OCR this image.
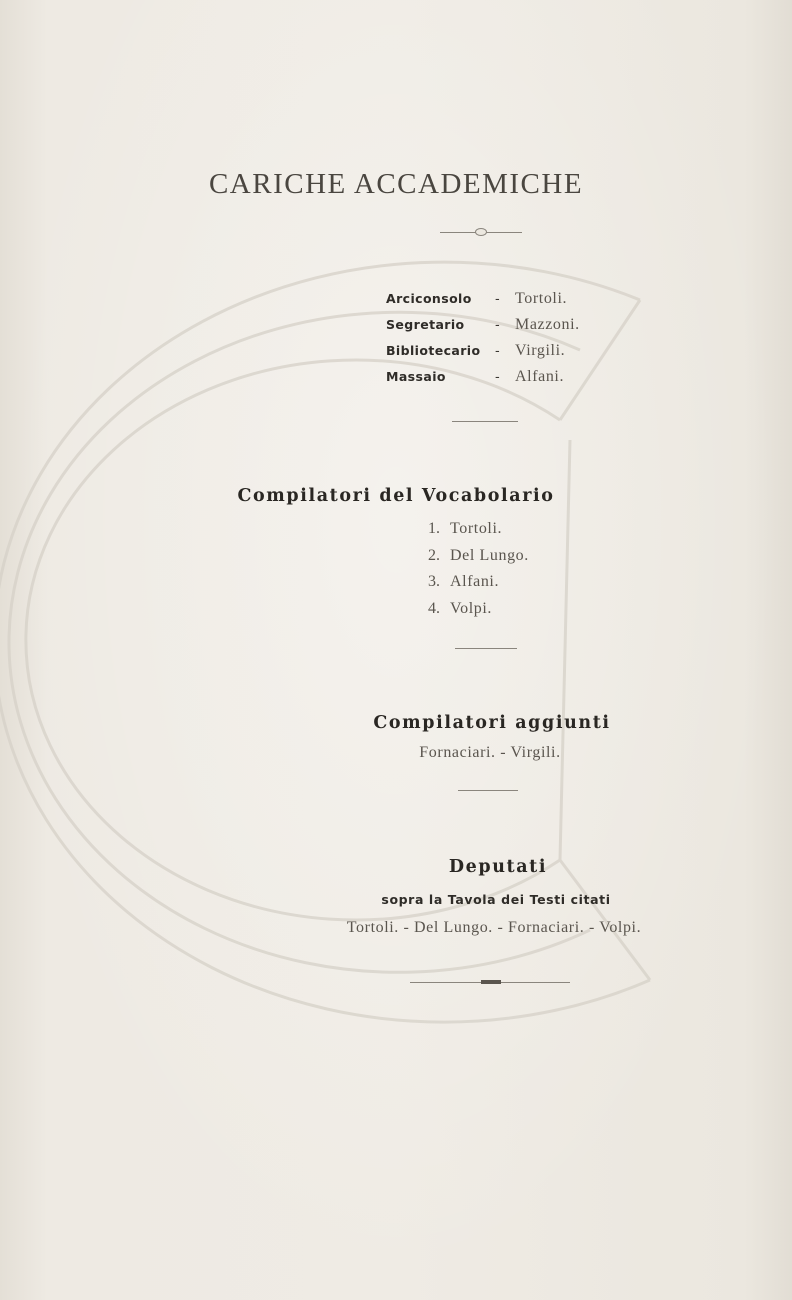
CARICHE ACCADEMICHE
Arciconsolo	- Tortoli.
Segretario	- Mazzoni.
Bibliotecario	- Virgili.
Massaio	- Alfani.
Compilatori del Vocabolario
1. Tortoli.
2. Del Lungo.
3. Alfani.
4. Volpi.
Compilatori aggiunti
Fornaciari. - Virgili.
Deputati
sopra la Tavola dei Testi citati
Tortoli. - Del Lungo. - Fornaciari. - Volpi.
